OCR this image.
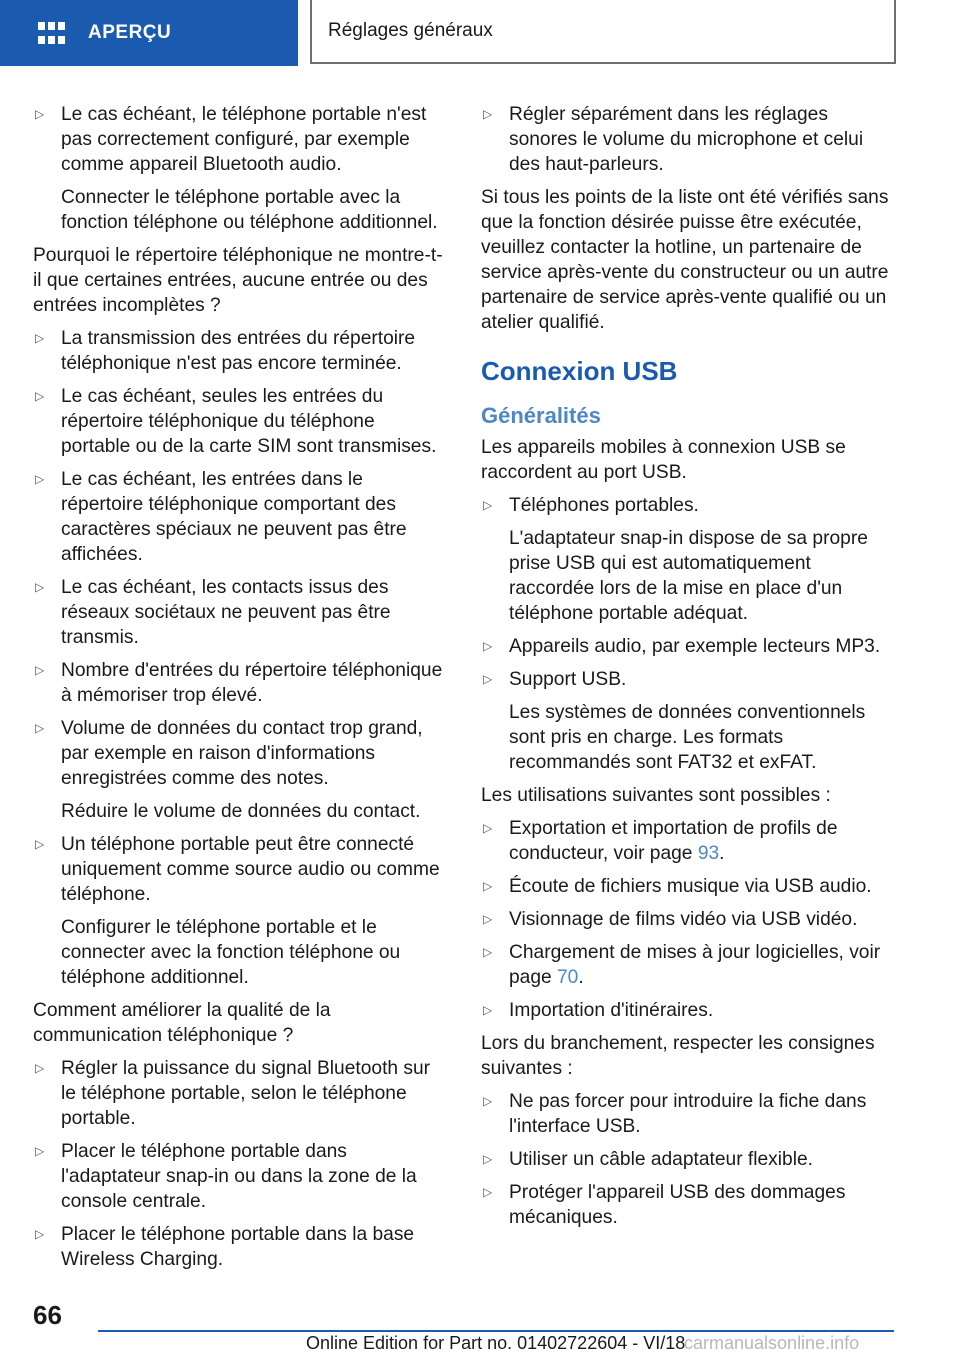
APERÇU	Réglages généraux
▷ Le cas échéant, le téléphone portable n'est pas correctement configuré, par exemple comme appareil Bluetooth audio.

Connecter le téléphone portable avec la fonction téléphone ou téléphone additionnel.
Pourquoi le répertoire téléphonique ne montre-t-il que certaines entrées, aucune entrée ou des entrées incomplètes ?
▷ La transmission des entrées du répertoire téléphonique n'est pas encore terminée.

▷ Le cas échéant, seules les entrées du répertoire téléphonique du téléphone portable ou de la carte SIM sont transmises.

▷ Le cas échéant, les entrées dans le répertoire téléphonique comportant des caractères spéciaux ne peuvent pas être affichées.

▷ Le cas échéant, les contacts issus des réseaux sociétaux ne peuvent pas être transmis.

▷ Nombre d'entrées du répertoire téléphonique à mémoriser trop élevé.

▷ Volume de données du contact trop grand, par exemple en raison d'informations enregistrées comme des notes.

Réduire le volume de données du contact.
▷ Un téléphone portable peut être connecté uniquement comme source audio ou comme téléphone.

Configurer le téléphone portable et le connecter avec la fonction téléphone ou téléphone additionnel.
Comment améliorer la qualité de la communication téléphonique ?
▷ Régler la puissance du signal Bluetooth sur le téléphone portable, selon le téléphone portable.

▷ Placer le téléphone portable dans l'adaptateur snap-in ou dans la zone de la console centrale.

▷ Placer le téléphone portable dans la base Wireless Charging.

▷ Régler séparément dans les réglages sonores le volume du microphone et celui des haut-parleurs.

Si tous les points de la liste ont été vérifiés sans que la fonction désirée puisse être exécutée, veuillez contacter la hotline, un partenaire de service après-vente du constructeur ou un autre partenaire de service après-vente qualifié ou un atelier qualifié.
Connexion USB
Généralités
Les appareils mobiles à connexion USB se raccordent au port USB.
▷ Téléphones portables.

L'adaptateur snap-in dispose de sa propre prise USB qui est automatiquement raccordée lors de la mise en place d'un téléphone portable adéquat.
▷ Appareils audio, par exemple lecteurs MP3.

▷ Support USB.

Les systèmes de données conventionnels sont pris en charge. Les formats recommandés sont FAT32 et exFAT.
Les utilisations suivantes sont possibles :
▷ Exportation et importation de profils de conducteur, voir page 93.

▷ Écoute de fichiers musique via USB audio.

▷ Visionnage de films vidéo via USB vidéo.

▷ Chargement de mises à jour logicielles, voir page 70.

▷ Importation d'itinéraires.

Lors du branchement, respecter les consignes suivantes :
▷ Ne pas forcer pour introduire la fiche dans l'interface USB.

▷ Utiliser un câble adaptateur flexible.

▷ Protéger l'appareil USB des dommages mécaniques.

66
Online Edition for Part no. 01402722604 - VI/18
carmanualsonline.info
